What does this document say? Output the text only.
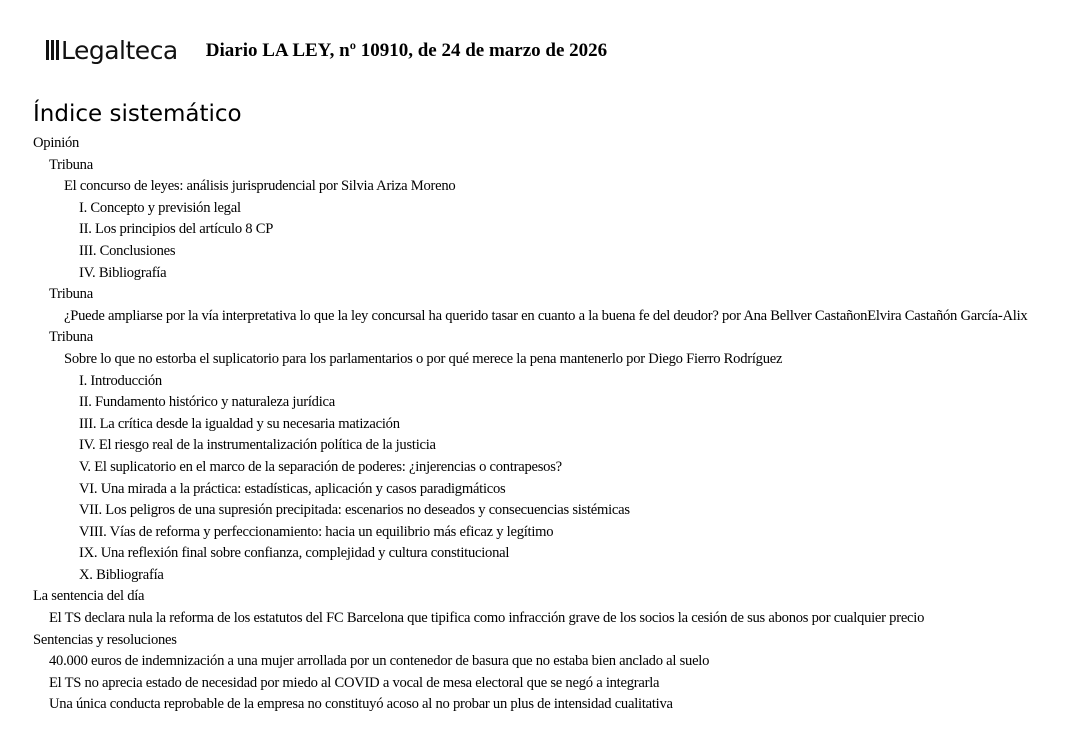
Legalteca Diario LA LEY, nº 10910, de 24 de marzo de 2026
Índice sistemático
Opinión
Tribuna
El concurso de leyes: análisis jurisprudencial por Silvia Ariza Moreno
I. Concepto y previsión legal
II. Los principios del artículo 8 CP
III. Conclusiones
IV. Bibliografía
Tribuna
¿Puede ampliarse por la vía interpretativa lo que la ley concursal ha querido tasar en cuanto a la buena fe del deudor? por Ana Bellver CastañonElvira Castañón García-Alix
Tribuna
Sobre lo que no estorba el suplicatorio para los parlamentarios o por qué merece la pena mantenerlo por Diego Fierro Rodríguez
I. Introducción
II. Fundamento histórico y naturaleza jurídica
III. La crítica desde la igualdad y su necesaria matización
IV. El riesgo real de la instrumentalización política de la justicia
V. El suplicatorio en el marco de la separación de poderes: ¿injerencias o contrapesos?
VI. Una mirada a la práctica: estadísticas, aplicación y casos paradigmáticos
VII. Los peligros de una supresión precipitada: escenarios no deseados y consecuencias sistémicas
VIII. Vías de reforma y perfeccionamiento: hacia un equilibrio más eficaz y legítimo
IX. Una reflexión final sobre confianza, complejidad y cultura constitucional
X. Bibliografía
La sentencia del día
El TS declara nula la reforma de los estatutos del FC Barcelona que tipifica como infracción grave de los socios la cesión de sus abonos por cualquier precio
Sentencias y resoluciones
40.000 euros de indemnización a una mujer arrollada por un contenedor de basura que no estaba bien anclado al suelo
El TS no aprecia estado de necesidad por miedo al COVID a vocal de mesa electoral que se negó a integrarla
Una única conducta reprobable de la empresa no constituyó acoso al no probar un plus de intensidad cualitativa
